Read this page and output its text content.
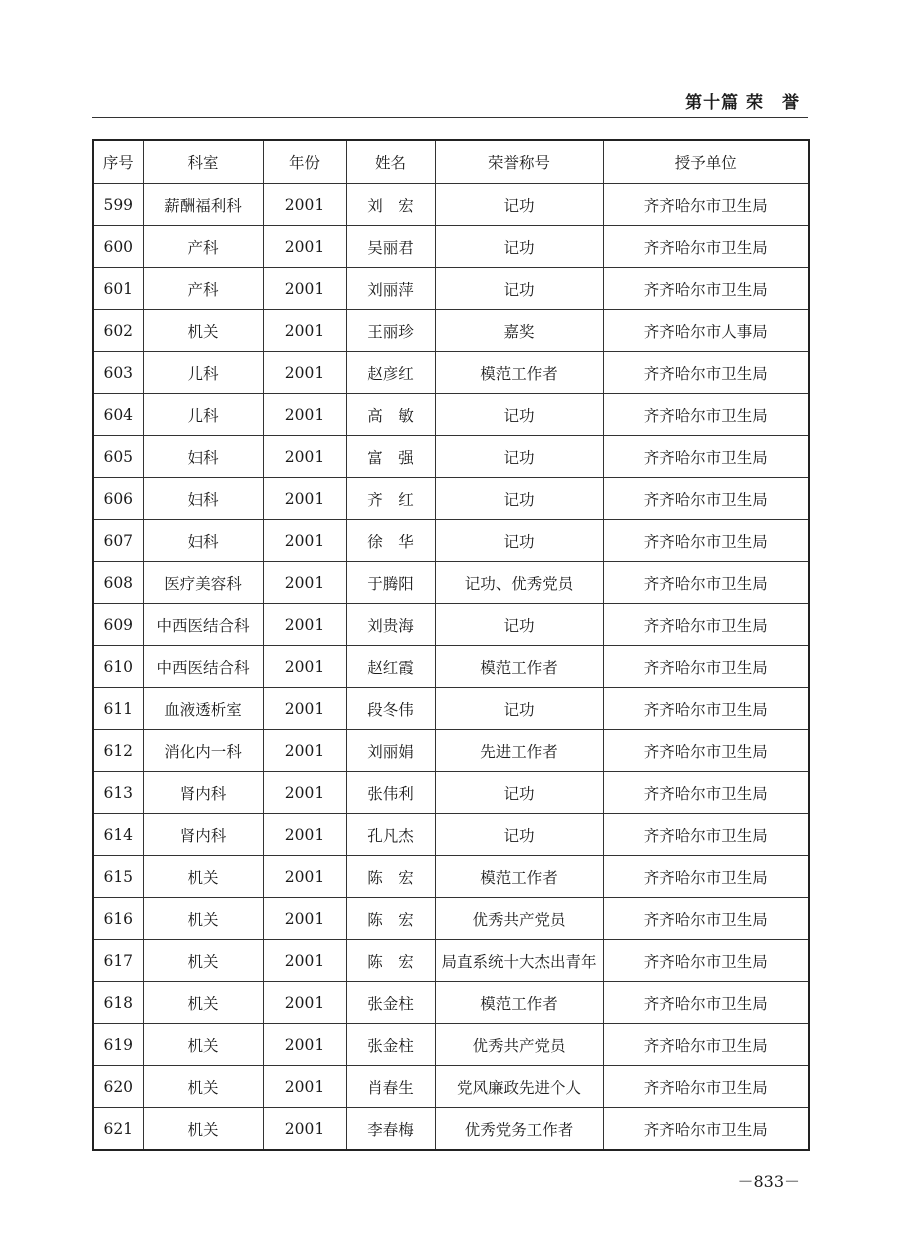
第十篇 荣　誉
序号	科室	年份	姓名	荣誉称号	授予单位
599	薪酬福利科	2001	刘　宏	记功	齐齐哈尔市卫生局
600	产科	2001	吴丽君	记功	齐齐哈尔市卫生局
601	产科	2001	刘丽萍	记功	齐齐哈尔市卫生局
602	机关	2001	王丽珍	嘉奖	齐齐哈尔市人事局
603	儿科	2001	赵彦红	模范工作者	齐齐哈尔市卫生局
604	儿科	2001	高　敏	记功	齐齐哈尔市卫生局
605	妇科	2001	富　强	记功	齐齐哈尔市卫生局
606	妇科	2001	齐　红	记功	齐齐哈尔市卫生局
607	妇科	2001	徐　华	记功	齐齐哈尔市卫生局
608	医疗美容科	2001	于腾阳	记功、优秀党员	齐齐哈尔市卫生局
609	中西医结合科	2001	刘贵海	记功	齐齐哈尔市卫生局
610	中西医结合科	2001	赵红霞	模范工作者	齐齐哈尔市卫生局
611	血液透析室	2001	段冬伟	记功	齐齐哈尔市卫生局
612	消化内一科	2001	刘丽娟	先进工作者	齐齐哈尔市卫生局
613	肾内科	2001	张伟利	记功	齐齐哈尔市卫生局
614	肾内科	2001	孔凡杰	记功	齐齐哈尔市卫生局
615	机关	2001	陈　宏	模范工作者	齐齐哈尔市卫生局
616	机关	2001	陈　宏	优秀共产党员	齐齐哈尔市卫生局
617	机关	2001	陈　宏	局直系统十大杰出青年	齐齐哈尔市卫生局
618	机关	2001	张金柱	模范工作者	齐齐哈尔市卫生局
619	机关	2001	张金柱	优秀共产党员	齐齐哈尔市卫生局
620	机关	2001	肖春生	党风廉政先进个人	齐齐哈尔市卫生局
621	机关	2001	李春梅	优秀党务工作者	齐齐哈尔市卫生局
－833－
